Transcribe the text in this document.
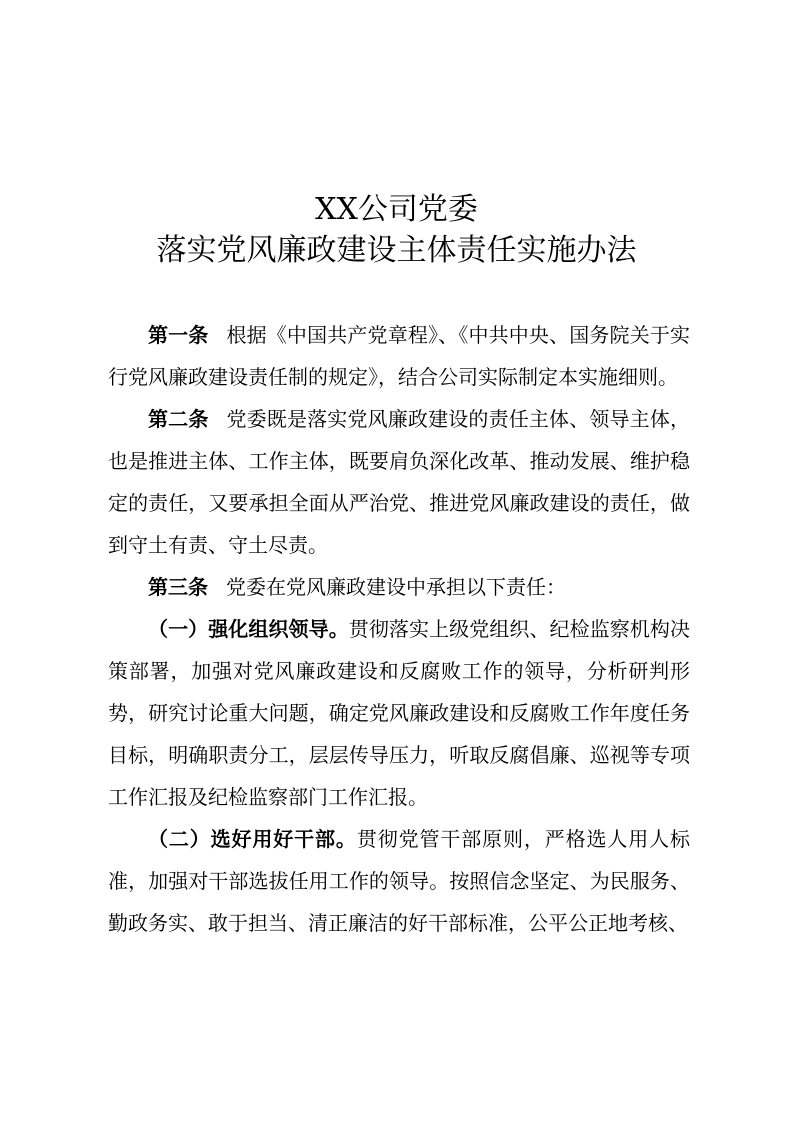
XX公司党委
落实党风廉政建设主体责任实施办法

第一条 根据《中国共产党章程》、《中共中央、国务院关于实行党风廉政建设责任制的规定》，结合公司实际制定本实施细则。

第二条 党委既是落实党风廉政建设的责任主体、领导主体，也是推进主体、工作主体，既要肩负深化改革、推动发展、维护稳定的责任，又要承担全面从严治党、推进党风廉政建设的责任，做到守土有责、守土尽责。

第三条 党委在党风廉政建设中承担以下责任：

（一）强化组织领导。贯彻落实上级党组织、纪检监察机构决策部署，加强对党风廉政建设和反腐败工作的领导，分析研判形势，研究讨论重大问题，确定党风廉政建设和反腐败工作年度任务目标，明确职责分工，层层传导压力，听取反腐倡廉、巡视等专项工作汇报及纪检监察部门工作汇报。

（二）选好用好干部。贯彻党管干部原则，严格选人用人标准，加强对干部选拔任用工作的领导。按照信念坚定、为民服务、勤政务实、敢于担当、清正廉洁的好干部标准，公平公正地考核、
